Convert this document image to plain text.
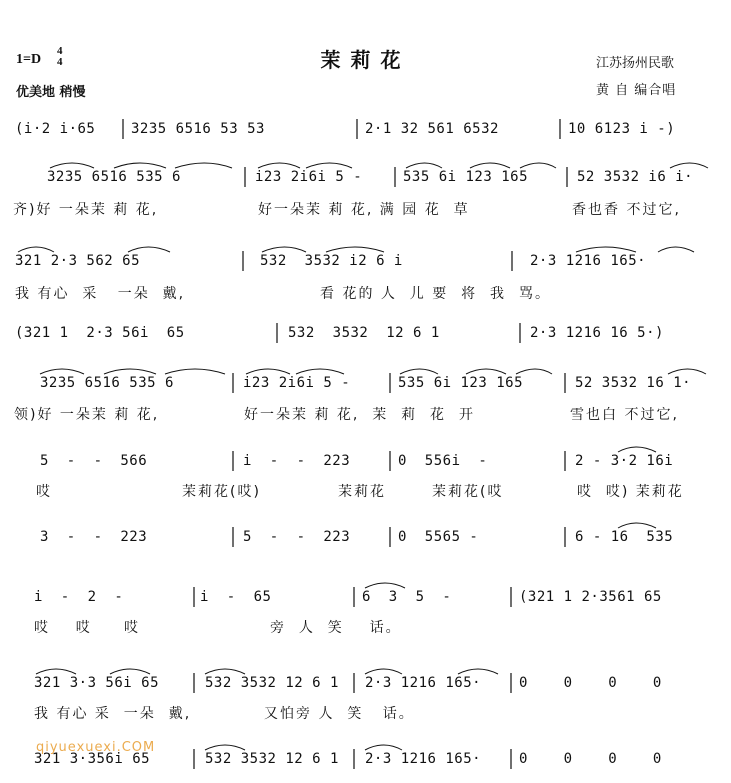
茉莉花
1=D
4
4
优美地 稍慢
江苏扬州民歌
黄 自 编合唱
(i·2 i·65	3235 6516 53 53	2·1 32 561 6532	10 6123 i -)
3235 6516 535 6	i23 2i6i 5 -	535 6i 123 165	52 3532 i6 i·
齐)好 一朵茉 莉 花,	好一朵茉 莉 花, 满 园 花  草	香也香 不过它,
321 2·3 562 65	532  3532 i2 6 i	2·3 1216 165·
我 有心  采   一朵  戴,	看 花的 人  儿 要  将  我  骂。
(321 1  2·3 56i  65	532  3532  12 6 1	2·3 1216 16 5·)
3235 6516 535 6	i23 2i6i 5 -	535 6i 123 165	52 3532 16 1·
领)好 一朵茉 莉 花,	好一朵茉 莉 花,  茉  莉  花  开	雪也白 不过它,
5  -  -  566	i  -  -  223	0  556i  -	2 - 3·2 16i
哎	茉莉花(哎)	茉莉花	茉莉花(哎	哎  哎) 茉莉花
3  -  -  223	5  -  -  223	0  5565 -	6 - 16  535
i  -  2  -	i  -  65	6  3  5  -	(321 1 2·3561 65
哎    哎     哎	旁  人  笑    话。
321 3·3 56i 65	532 3532 12 6 1 2·3 1216 165·	0    0    0    0
我 有心 采  一朵  戴,	又怕旁 人  笑   话。
321 3·356i 65	532 3532 12 6 1 2·3 1216 165·	0    0    0    0
qiyuexuexi.COM
